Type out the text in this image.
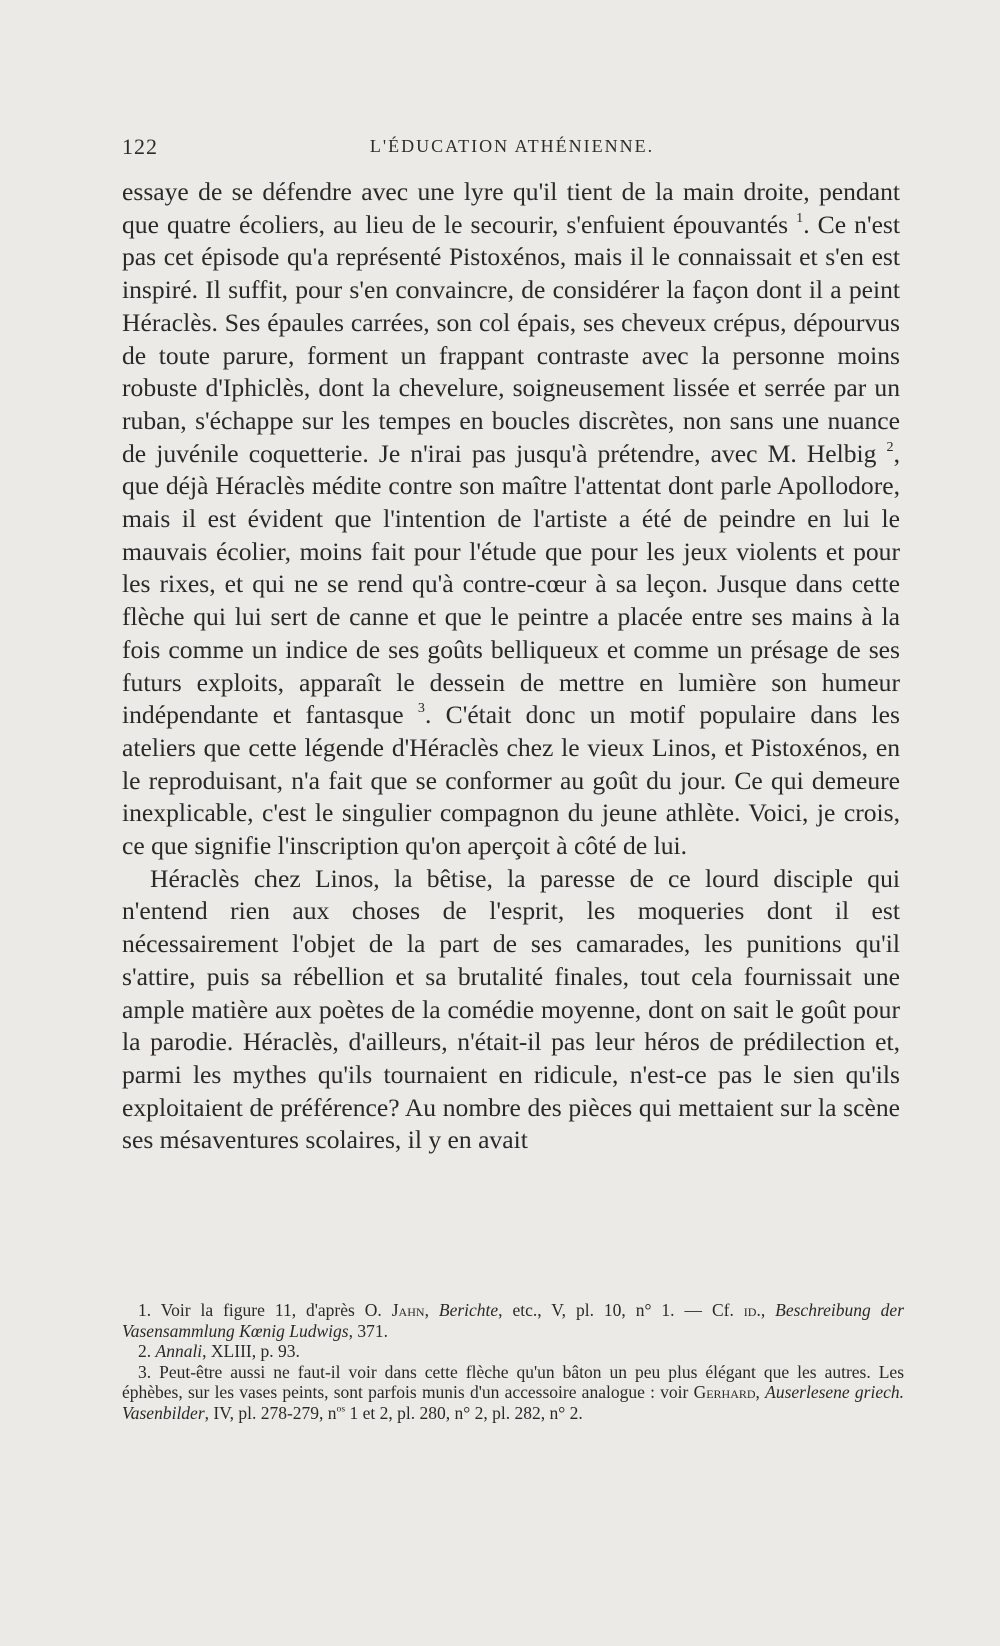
122	L'ÉDUCATION ATHÉNIENNE.

essaye de se défendre avec une lyre qu'il tient de la main droite, pendant que quatre écoliers, au lieu de le secourir, s'enfuient épouvantés $^1$. Ce n'est pas cet épisode qu'a représenté Pistoxénos, mais il le connaissait et s'en est inspiré. Il suffit, pour s'en convaincre, de considérer la façon dont il a peint Héraclès. Ses épaules carrées, son col épais, ses cheveux crépus, dépourvus de toute parure, forment un frappant contraste avec la personne moins robuste d'Iphiclès, dont la chevelure, soigneusement lissée et serrée par un ruban, s'échappe sur les tempes en boucles discrètes, non sans une nuance de juvénile coquetterie. Je n'irai pas jusqu'à prétendre, avec M. Helbig $^2$, que déjà Héraclès médite contre son maître l'attentat dont parle Apollodore, mais il est évident que l'intention de l'artiste a été de peindre en lui le mauvais écolier, moins fait pour l'étude que pour les jeux violents et pour les rixes, et qui ne se rend qu'à contre-cœur à sa leçon. Jusque dans cette flèche qui lui sert de canne et que le peintre a placée entre ses mains à la fois comme un indice de ses goûts belliqueux et comme un présage de ses futurs exploits, apparaît le dessein de mettre en lumière son humeur indépendante et fantasque $^3$. C'était donc un motif populaire dans les ateliers que cette légende d'Héraclès chez le vieux Linos, et Pistoxénos, en le reproduisant, n'a fait que se conformer au goût du jour. Ce qui demeure inexplicable, c'est le singulier compagnon du jeune athlète. Voici, je crois, ce que signifie l'inscription qu'on aperçoit à côté de lui.

Héraclès chez Linos, la bêtise, la paresse de ce lourd disciple qui n'entend rien aux choses de l'esprit, les moqueries dont il est nécessairement l'objet de la part de ses camarades, les punitions qu'il s'attire, puis sa rébellion et sa brutalité finales, tout cela fournissait une ample matière aux poètes de la comédie moyenne, dont on sait le goût pour la parodie. Héraclès, d'ailleurs, n'était-il pas leur héros de prédilection et, parmi les mythes qu'ils tournaient en ridicule, n'est-ce pas le sien qu'ils exploitaient de préférence? Au nombre des pièces qui mettaient sur la scène ses mésaventures scolaires, il y en avait

1. Voir la figure 11, d'après O. Jahn, Berichte, etc., V, pl. 10, n° 1. — Cf. id., Beschreibung der Vasensammlung Kœnig Ludwigs, 371.

2. Annali, XLIII, p. 93.

3. Peut-être aussi ne faut-il voir dans cette flèche qu'un bâton un peu plus élégant que les autres. Les éphèbes, sur les vases peints, sont parfois munis d'un accessoire analogue : voir Gerhard, Auserlesene griech. Vasenbilder, IV, pl. 278-279, $n^{os}$ 1 et 2, pl. 280, n° 2, pl. 282, n° 2.
